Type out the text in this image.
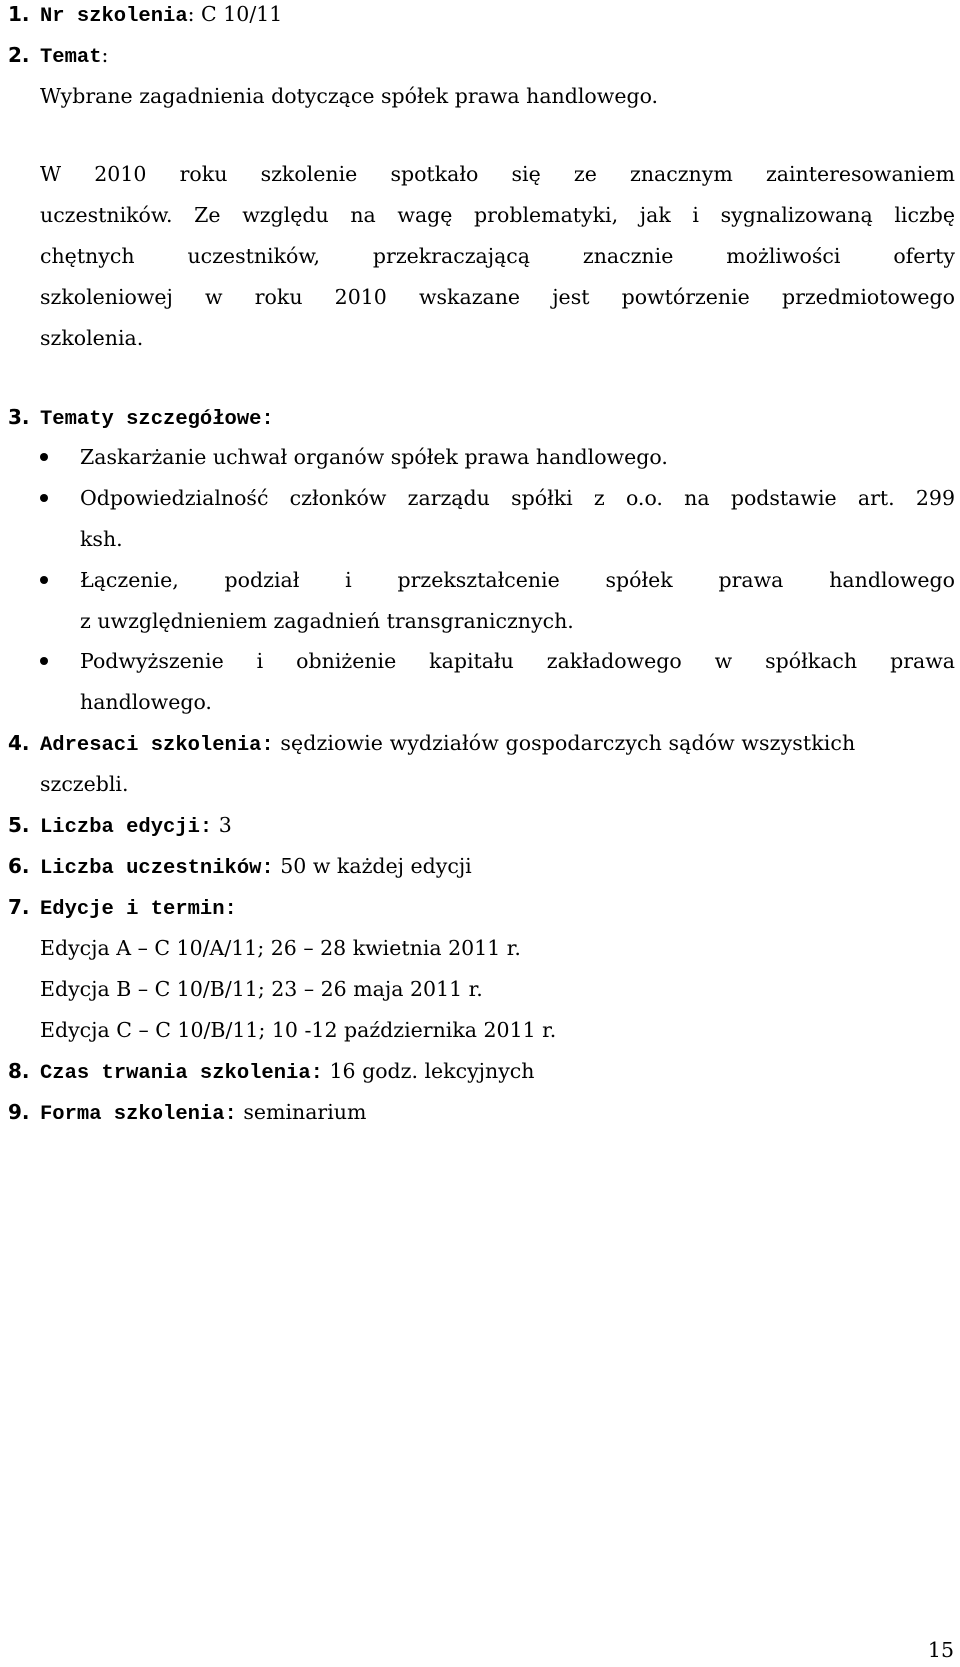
1. Nr szkolenia: C 10/11
2. Temat:
Wybrane zagadnienia dotyczące spółek prawa handlowego.
W 2010 roku szkolenie spotkało się ze znacznym zainteresowaniem
uczestników. Ze względu na wagę problematyki, jak i sygnalizowaną liczbę
chętnych uczestników, przekraczającą znacznie możliwości oferty
szkoleniowej w roku 2010 wskazane jest powtórzenie przedmiotowego
szkolenia.
3. Tematy szczegółowe:
Zaskarżanie uchwał organów spółek prawa handlowego.
Odpowiedzialność członków zarządu spółki z o.o. na podstawie art. 299
ksh.
Łączenie, podział i przekształcenie spółek prawa handlowego
z uwzględnieniem zagadnień transgranicznych.
Podwyższenie i obniżenie kapitału zakładowego w spółkach prawa
handlowego.
4. Adresaci szkolenia: sędziowie wydziałów gospodarczych sądów wszystkich
szczebli.
5. Liczba edycji: 3
6. Liczba uczestników: 50 w każdej edycji
7. Edycje i termin:
Edycja A – C 10/A/11; 26 – 28 kwietnia 2011 r.
Edycja B – C 10/B/11; 23 – 26 maja 2011 r.
Edycja C – C 10/B/11; 10 -12 października 2011 r.
8. Czas trwania szkolenia: 16 godz. lekcyjnych
9. Forma szkolenia: seminarium
15
